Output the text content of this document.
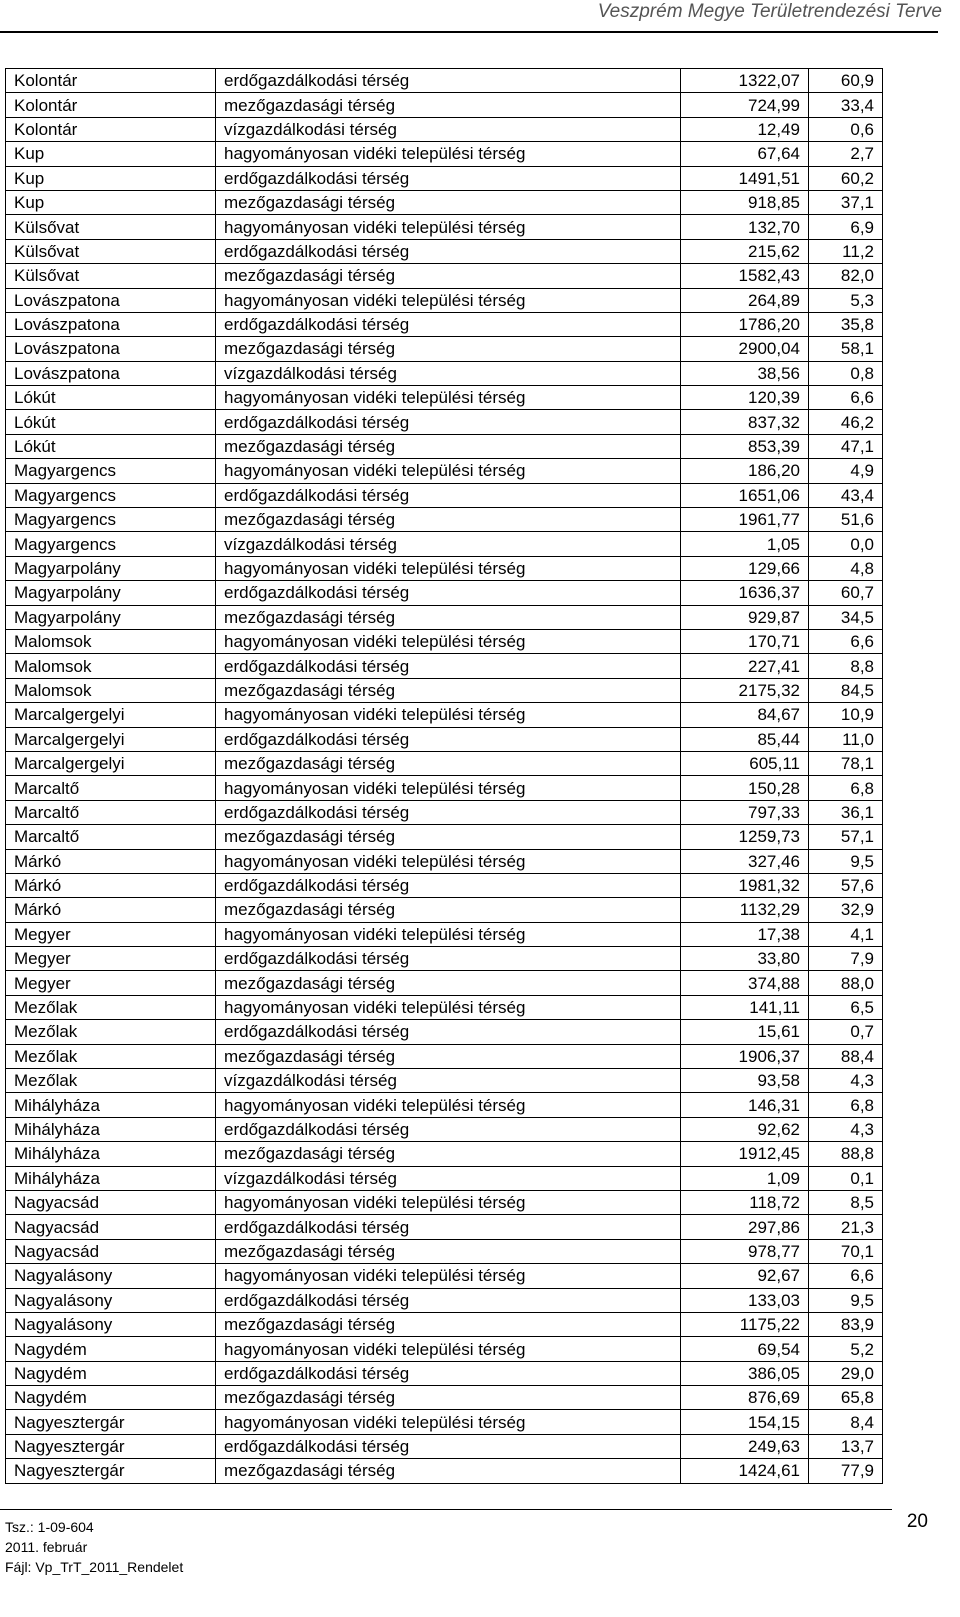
Veszprém Megye Területrendezési Terve
Kolontár	erdőgazdálkodási térség	1322,07	60,9
Kolontár	mezőgazdasági térség	724,99	33,4
Kolontár	vízgazdálkodási térség	12,49	0,6
Kup	hagyományosan vidéki települési térség	67,64	2,7
Kup	erdőgazdálkodási térség	1491,51	60,2
Kup	mezőgazdasági térség	918,85	37,1
Külsővat	hagyományosan vidéki települési térség	132,70	6,9
Külsővat	erdőgazdálkodási térség	215,62	11,2
Külsővat	mezőgazdasági térség	1582,43	82,0
Lovászpatona	hagyományosan vidéki települési térség	264,89	5,3
Lovászpatona	erdőgazdálkodási térség	1786,20	35,8
Lovászpatona	mezőgazdasági térség	2900,04	58,1
Lovászpatona	vízgazdálkodási térség	38,56	0,8
Lókút	hagyományosan vidéki települési térség	120,39	6,6
Lókút	erdőgazdálkodási térség	837,32	46,2
Lókút	mezőgazdasági térség	853,39	47,1
Magyargencs	hagyományosan vidéki települési térség	186,20	4,9
Magyargencs	erdőgazdálkodási térség	1651,06	43,4
Magyargencs	mezőgazdasági térség	1961,77	51,6
Magyargencs	vízgazdálkodási térség	1,05	0,0
Magyarpolány	hagyományosan vidéki települési térség	129,66	4,8
Magyarpolány	erdőgazdálkodási térség	1636,37	60,7
Magyarpolány	mezőgazdasági térség	929,87	34,5
Malomsok	hagyományosan vidéki települési térség	170,71	6,6
Malomsok	erdőgazdálkodási térség	227,41	8,8
Malomsok	mezőgazdasági térség	2175,32	84,5
Marcalgergelyi	hagyományosan vidéki települési térség	84,67	10,9
Marcalgergelyi	erdőgazdálkodási térség	85,44	11,0
Marcalgergelyi	mezőgazdasági térség	605,11	78,1
Marcaltő	hagyományosan vidéki települési térség	150,28	6,8
Marcaltő	erdőgazdálkodási térség	797,33	36,1
Marcaltő	mezőgazdasági térség	1259,73	57,1
Márkó	hagyományosan vidéki települési térség	327,46	9,5
Márkó	erdőgazdálkodási térség	1981,32	57,6
Márkó	mezőgazdasági térség	1132,29	32,9
Megyer	hagyományosan vidéki települési térség	17,38	4,1
Megyer	erdőgazdálkodási térség	33,80	7,9
Megyer	mezőgazdasági térség	374,88	88,0
Mezőlak	hagyományosan vidéki települési térség	141,11	6,5
Mezőlak	erdőgazdálkodási térség	15,61	0,7
Mezőlak	mezőgazdasági térség	1906,37	88,4
Mezőlak	vízgazdálkodási térség	93,58	4,3
Mihályháza	hagyományosan vidéki települési térség	146,31	6,8
Mihályháza	erdőgazdálkodási térség	92,62	4,3
Mihályháza	mezőgazdasági térség	1912,45	88,8
Mihályháza	vízgazdálkodási térség	1,09	0,1
Nagyacsád	hagyományosan vidéki települési térség	118,72	8,5
Nagyacsád	erdőgazdálkodási térség	297,86	21,3
Nagyacsád	mezőgazdasági térség	978,77	70,1
Nagyalásony	hagyományosan vidéki települési térség	92,67	6,6
Nagyalásony	erdőgazdálkodási térség	133,03	9,5
Nagyalásony	mezőgazdasági térség	1175,22	83,9
Nagydém	hagyományosan vidéki települési térség	69,54	5,2
Nagydém	erdőgazdálkodási térség	386,05	29,0
Nagydém	mezőgazdasági térség	876,69	65,8
Nagyesztergár	hagyományosan vidéki települési térség	154,15	8,4
Nagyesztergár	erdőgazdálkodási térség	249,63	13,7
Nagyesztergár	mezőgazdasági térség	1424,61	77,9
Tsz.: 1-09-604
2011. február
Fájl: Vp_TrT_2011_Rendelet
20
